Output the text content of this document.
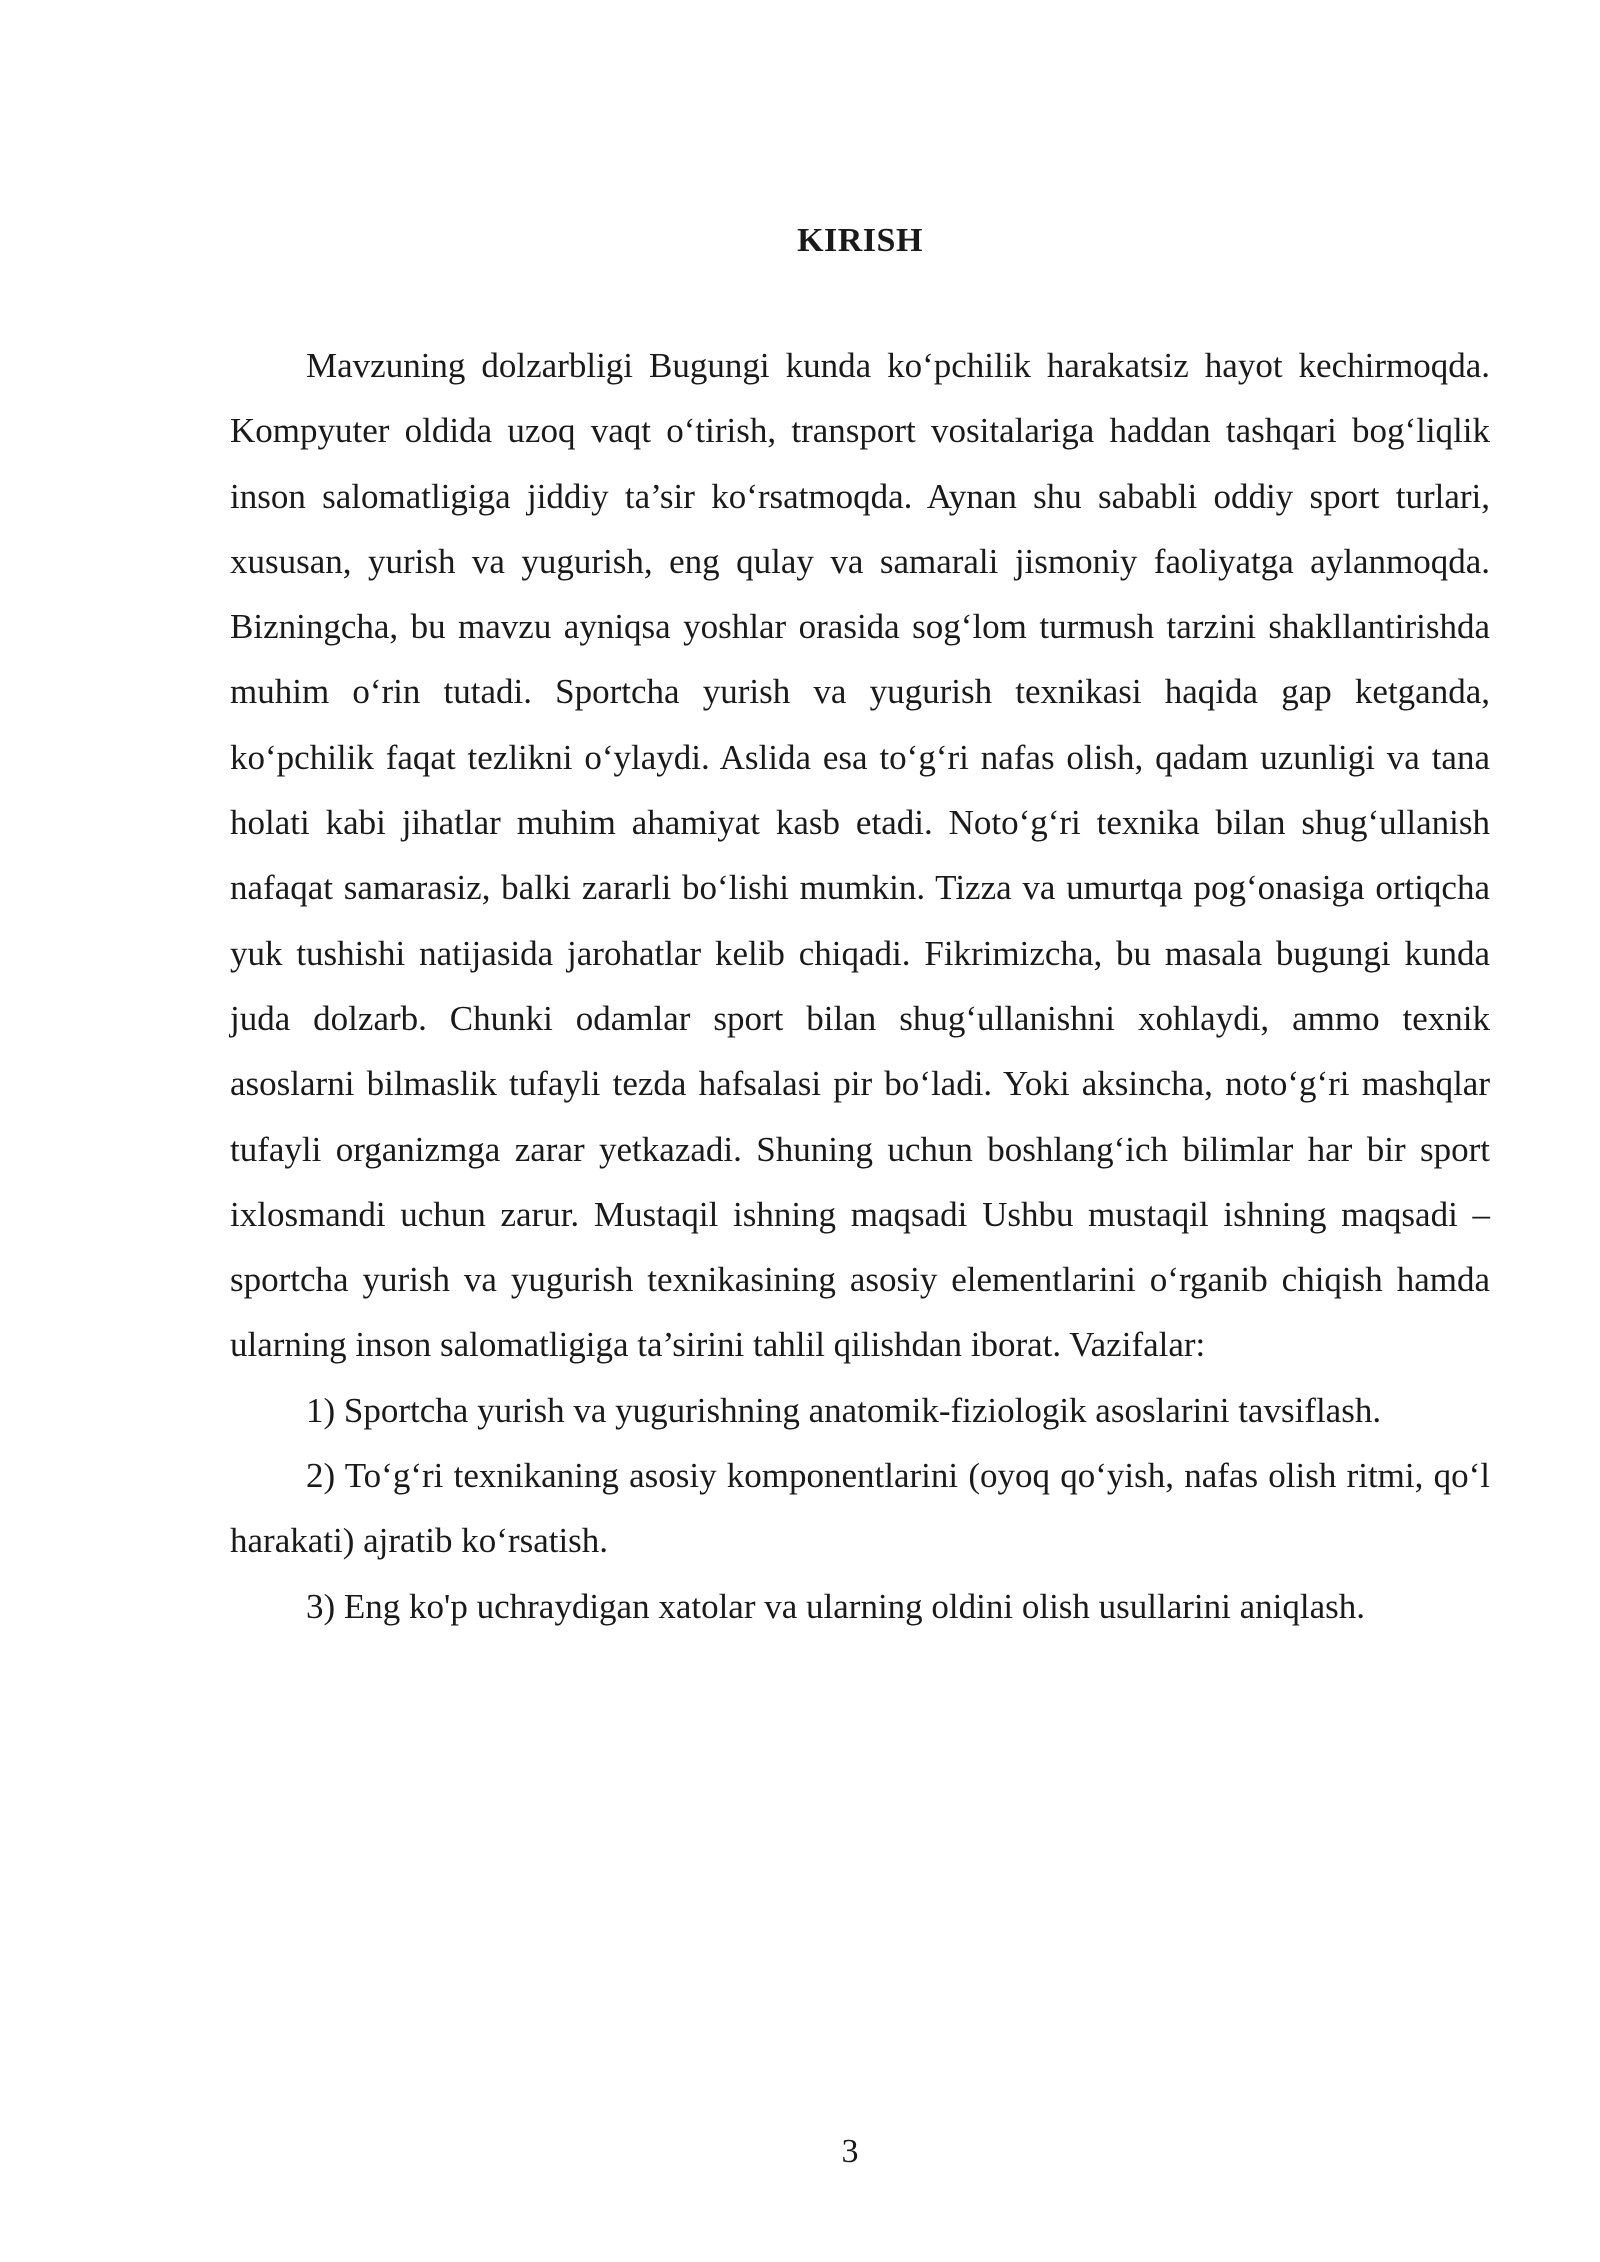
KIRISH

Mavzuning dolzarbligi Bugungi kunda ko‘pchilik harakatsiz hayot kechirmoqda. Kompyuter oldida uzoq vaqt o‘tirish, transport vositalariga haddan tashqari bog‘liqlik inson salomatligiga jiddiy ta’sir ko‘rsatmoqda. Aynan shu sababli oddiy sport turlari, xususan, yurish va yugurish, eng qulay va samarali jismoniy faoliyatga aylanmoqda. Bizningcha, bu mavzu ayniqsa yoshlar orasida sog‘lom turmush tarzini shakllantirishda muhim o‘rin tutadi. Sportcha yurish va yugurish texnikasi haqida gap ketganda, ko‘pchilik faqat tezlikni o‘ylaydi. Aslida esa to‘g‘ri nafas olish, qadam uzunligi va tana holati kabi jihatlar muhim ahamiyat kasb etadi. Noto‘g‘ri texnika bilan shug‘ullanish nafaqat samarasiz, balki zararli bo‘lishi mumkin. Tizza va umurtqa pog‘onasiga ortiqcha yuk tushishi natijasida jarohatlar kelib chiqadi. Fikrimizcha, bu masala bugungi kunda juda dolzarb. Chunki odamlar sport bilan shug‘ullanishni xohlaydi, ammo texnik asoslarni bilmaslik tufayli tezda hafsalasi pir bo‘ladi. Yoki aksincha, noto‘g‘ri mashqlar tufayli organizmga zarar yetkazadi. Shuning uchun boshlang‘ich bilimlar har bir sport ixlosmandi uchun zarur. Mustaqil ishning maqsadi Ushbu mustaqil ishning maqsadi – sportcha yurish va yugurish texnikasining asosiy elementlarini o‘rganib chiqish hamda ularning inson salomatligiga ta’sirini tahlil qilishdan iborat. Vazifalar:

1) Sportcha yurish va yugurishning anatomik-fiziologik asoslarini tavsiflash.

2) To‘g‘ri texnikaning asosiy komponentlarini (oyoq qo‘yish, nafas olish ritmi, qo‘l harakati) ajratib ko‘rsatish.

3) Eng ko'p uchraydigan xatolar va ularning oldini olish usullarini aniqlash.

3
